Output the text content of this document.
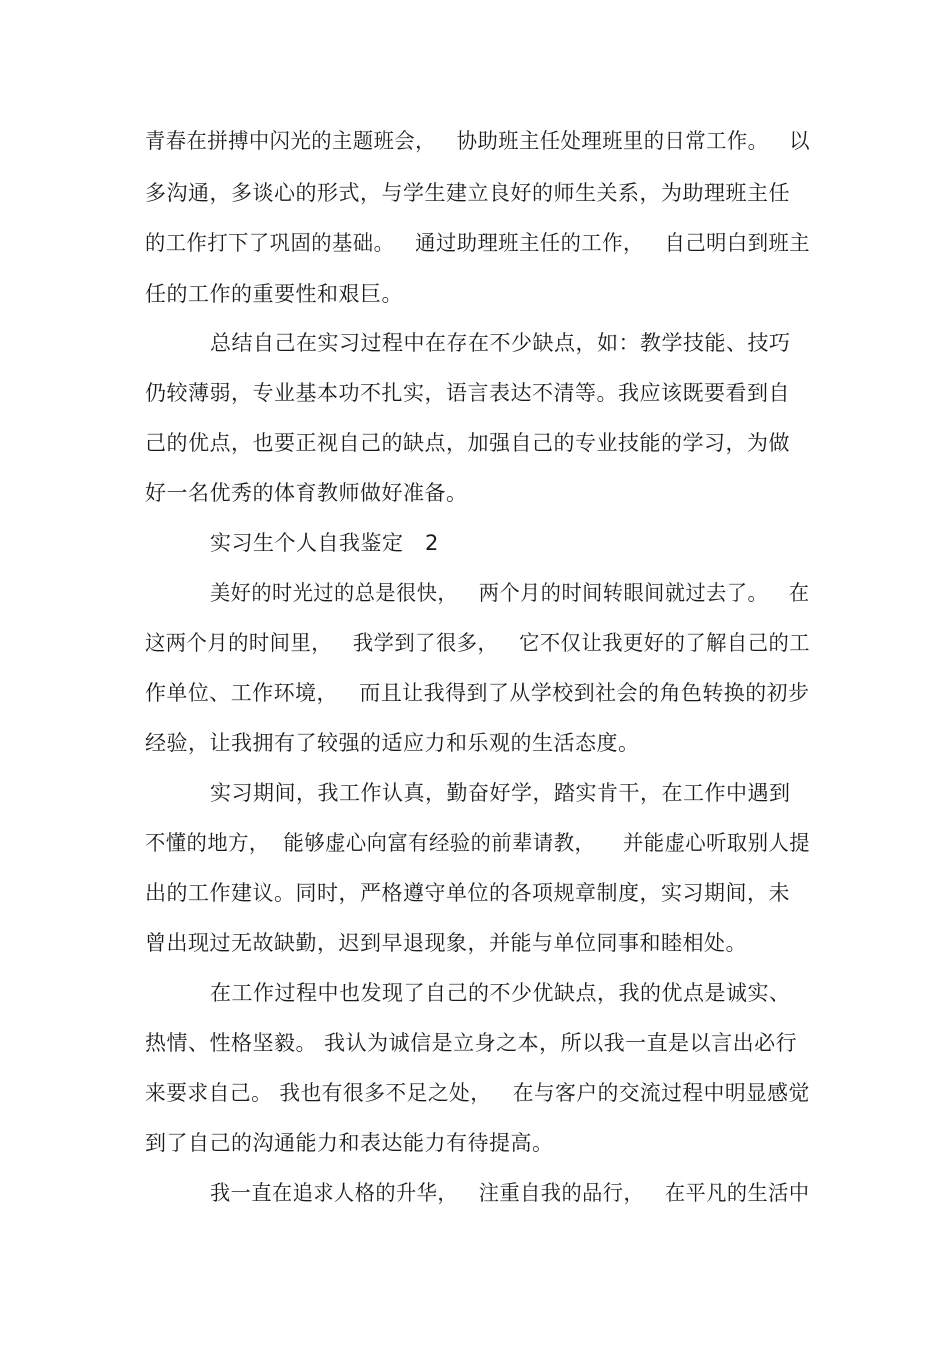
青春在拼搏中闪光的主题班会，   协助班主任处理班里的日常工作。   以
多沟通，多谈心的形式，与学生建立良好的师生关系，为助理班主任
的工作打下了巩固的基础。   通过助理班主任的工作，   自己明白到班主
任的工作的重要性和艰巨。
总结自己在实习过程中在存在不少缺点，如：教学技能、技巧
仍较薄弱，专业基本功不扎实，语言表达不清等。我应该既要看到自
己的优点，也要正视自己的缺点，加强自己的专业技能的学习，为做
好一名优秀的体育教师做好准备。
实习生个人自我鉴定   2
美好的时光过的总是很快，   两个月的时间转眼间就过去了。   在
这两个月的时间里，   我学到了很多，   它不仅让我更好的了解自己的工
作单位、工作环境，   而且让我得到了从学校到社会的角色转换的初步
经验，让我拥有了较强的适应力和乐观的生活态度。
实习期间，我工作认真，勤奋好学，踏实肯干，在工作中遇到
不懂的地方，  能够虚心向富有经验的前辈请教，    并能虚心听取别人提
出的工作建议。同时，严格遵守单位的各项规章制度，实习期间，未
曾出现过无故缺勤，迟到早退现象，并能与单位同事和睦相处。
在工作过程中也发现了自己的不少优缺点，我的优点是诚实、
热情、性格坚毅。 我认为诚信是立身之本，所以我一直是以言出必行
来要求自己。 我也有很多不足之处，   在与客户的交流过程中明显感觉
到了自己的沟通能力和表达能力有待提高。
我一直在追求人格的升华，   注重自我的品行，   在平凡的生活中
